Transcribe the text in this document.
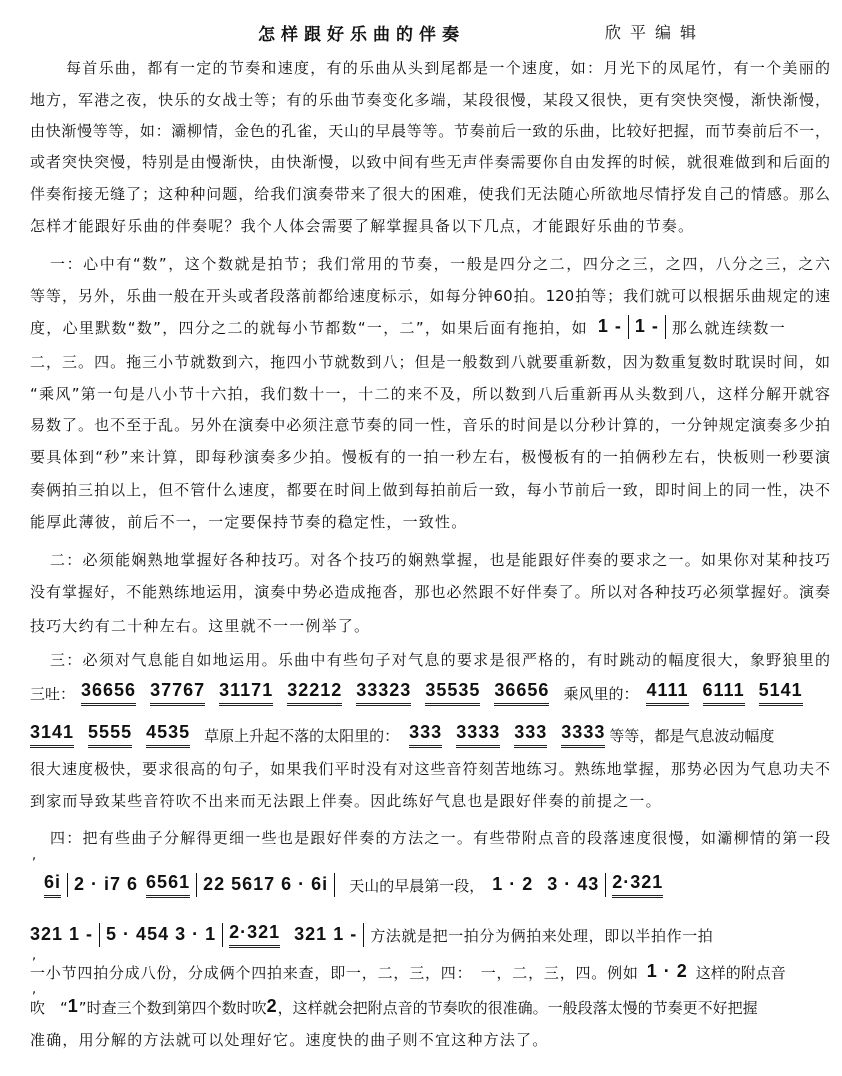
怎样跟好乐曲的伴奏	欣平编辑
每首乐曲，都有一定的节奏和速度，有的乐曲从头到尾都是一个速度，如：月光下的凤尾竹，有一个美丽的
地方，军港之夜，快乐的女战士等；有的乐曲节奏变化多端，某段很慢，某段又很快，更有突快突慢，渐快渐慢，
由快渐慢等等，如：灞柳情，金色的孔雀，天山的早晨等等。节奏前后一致的乐曲，比较好把握，而节奏前后不一，
或者突快突慢，特别是由慢渐快，由快渐慢，以致中间有些无声伴奏需要你自由发挥的时候，就很难做到和后面的
伴奏衔接无缝了；这种种问题，给我们演奏带来了很大的困难，使我们无法随心所欲地尽情抒发自己的情感。那么
怎样才能跟好乐曲的伴奏呢？我个人体会需要了解掌握具备以下几点，才能跟好乐曲的节奏。
一：心中有“数”，这个数就是拍节；我们常用的节奏，一般是四分之二，四分之三，之四，八分之三，之六
等等，另外，乐曲一般在开头或者段落前都给速度标示，如每分钟60拍。120拍等；我们就可以根据乐曲规定的速
度，心里默数“数”，四分之二的就每小节都数“一，二”，如果后面有拖拍，如 1 - 1 - 那么就连续数一
二，三。四。拖三小节就数到六，拖四小节就数到八；但是一般数到八就要重新数，因为数重复数时耽误时间，如
“乘风”第一句是八小节十六拍，我们数十一，十二的来不及，所以数到八后重新再从头数到八，这样分解开就容
易数了。也不至于乱。另外在演奏中必须注意节奏的同一性，音乐的时间是以分秒计算的，一分钟规定演奏多少拍
要具体到“秒”来计算，即每秒演奏多少拍。慢板有的一拍一秒左右，极慢板有的一拍俩秒左右，快板则一秒要演
奏俩拍三拍以上，但不管什么速度，都要在时间上做到每拍前后一致，每小节前后一致，即时间上的同一性，决不
能厚此薄彼，前后不一，一定要保持节奏的稳定性，一致性。
二：必须能娴熟地掌握好各种技巧。对各个技巧的娴熟掌握，也是能跟好伴奏的要求之一。如果你对某种技巧
没有掌握好，不能熟练地运用，演奏中势必造成拖沓，那也必然跟不好伴奏了。所以对各种技巧必须掌握好。演奏
技巧大约有二十种左右。这里就不一一例举了。
三：必须对气息能自如地运用。乐曲中有些句子对气息的要求是很严格的，有时跳动的幅度很大，象野狼里的
三吐： 36656 37767 31171 32212 33323 35535 36656 乘风里的： 4111 6111 5141
3141 5555 4535 草原上升起不落的太阳里的： 333 3333 333 3333 等等，都是气息波动幅度
很大速度极快，要求很高的句子，如果我们平时没有对这些音符刻苦地练习。熟练地掌握，那势必因为气息功夫不
到家而导致某些音符吹不出来而无法跟上伴奏。因此练好气息也是跟好伴奏的前提之一。
四：把有些曲子分解得更细一些也是跟好伴奏的方法之一。有些带附点音的段落速度很慢，如灞柳情的第一段
,
6i 2 · i7 6 6561 22 5617 6 · 6i 天山的早晨第一段， 1 · 2 3 · 43 2·321
321 1 - 5 · 454 3 · 1 2·321 321 1 - 方法就是把一拍分为俩拍来处理，即以半拍作一拍
,
一小节四拍分成八份，分成俩个四拍来查，即一，二，三，四：　一，二，三，四。例如 1 · 2 这样的附点音
,
吹　“ 1 ”时查三个数到第四个数时吹 2 ，这样就会把附点音的节奏吹的很准确。一般段落太慢的节奏更不好把握
准确，用分解的方法就可以处理好它。速度快的曲子则不宜这种方法了。
